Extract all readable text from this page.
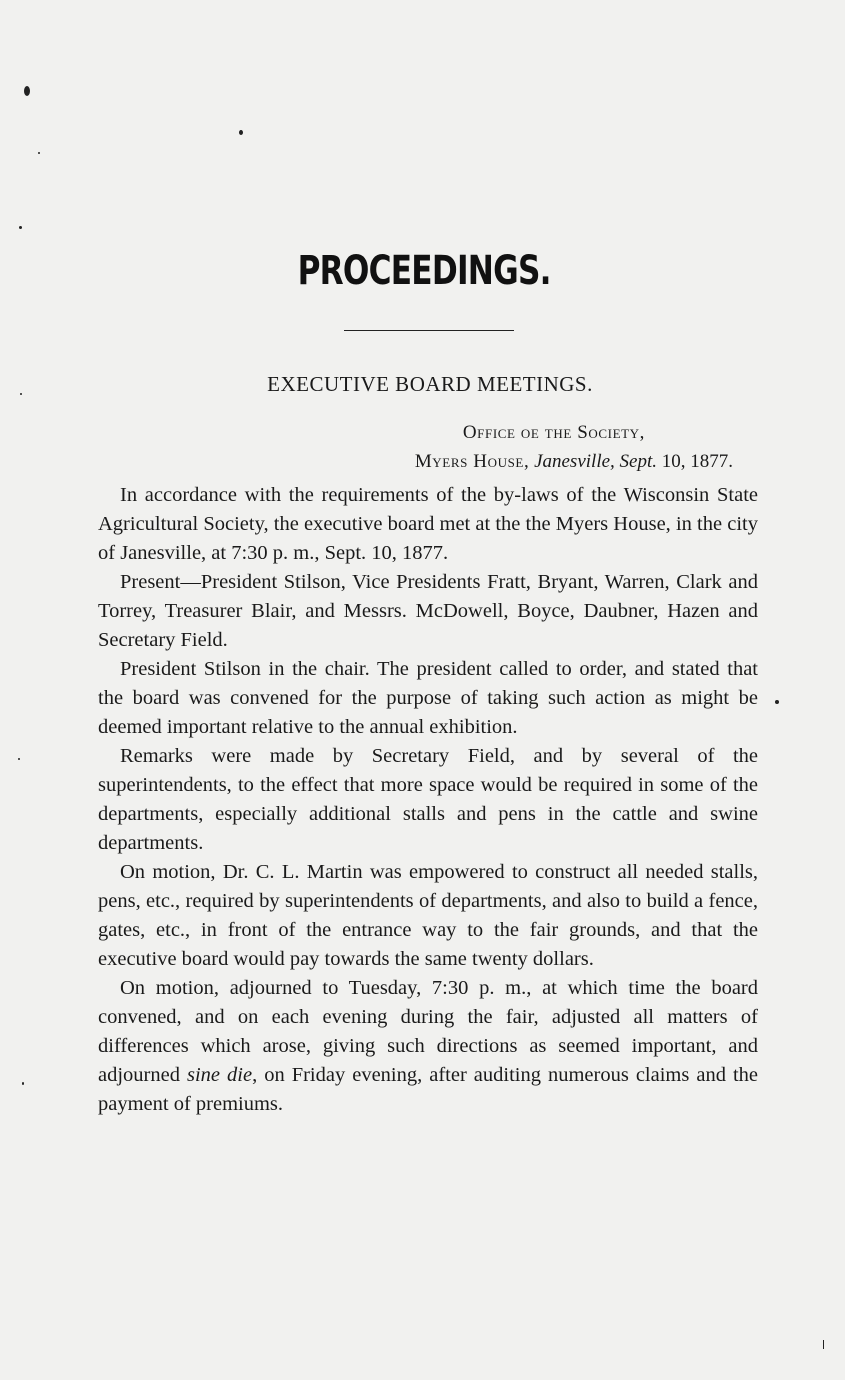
PROCEEDINGS.
EXECUTIVE BOARD MEETINGS.
Office oe the Society,
Myers House, Janesville, Sept. 10, 1877.

In accordance with the requirements of the by-laws of the Wisconsin State Agricultural Society, the executive board met at the the Myers House, in the city of Janesville, at 7:30 p. m., Sept. 10, 1877.

Present—President Stilson, Vice Presidents Fratt, Bryant, Warren, Clark and Torrey, Treasurer Blair, and Messrs. McDowell, Boyce, Daubner, Hazen and Secretary Field.

President Stilson in the chair. The president called to order, and stated that the board was convened for the purpose of taking such action as might be deemed important relative to the annual exhibition.

Remarks were made by Secretary Field, and by several of the superintendents, to the effect that more space would be required in some of the departments, especially additional stalls and pens in the cattle and swine departments.

On motion, Dr. C. L. Martin was empowered to construct all needed stalls, pens, etc., required by superintendents of departments, and also to build a fence, gates, etc., in front of the entrance way to the fair grounds, and that the executive board would pay towards the same twenty dollars.

On motion, adjourned to Tuesday, 7:30 p. m., at which time the board convened, and on each evening during the fair, adjusted all matters of differences which arose, giving such directions as seemed important, and adjourned sine die, on Friday evening, after auditing numerous claims and the payment of premiums.
